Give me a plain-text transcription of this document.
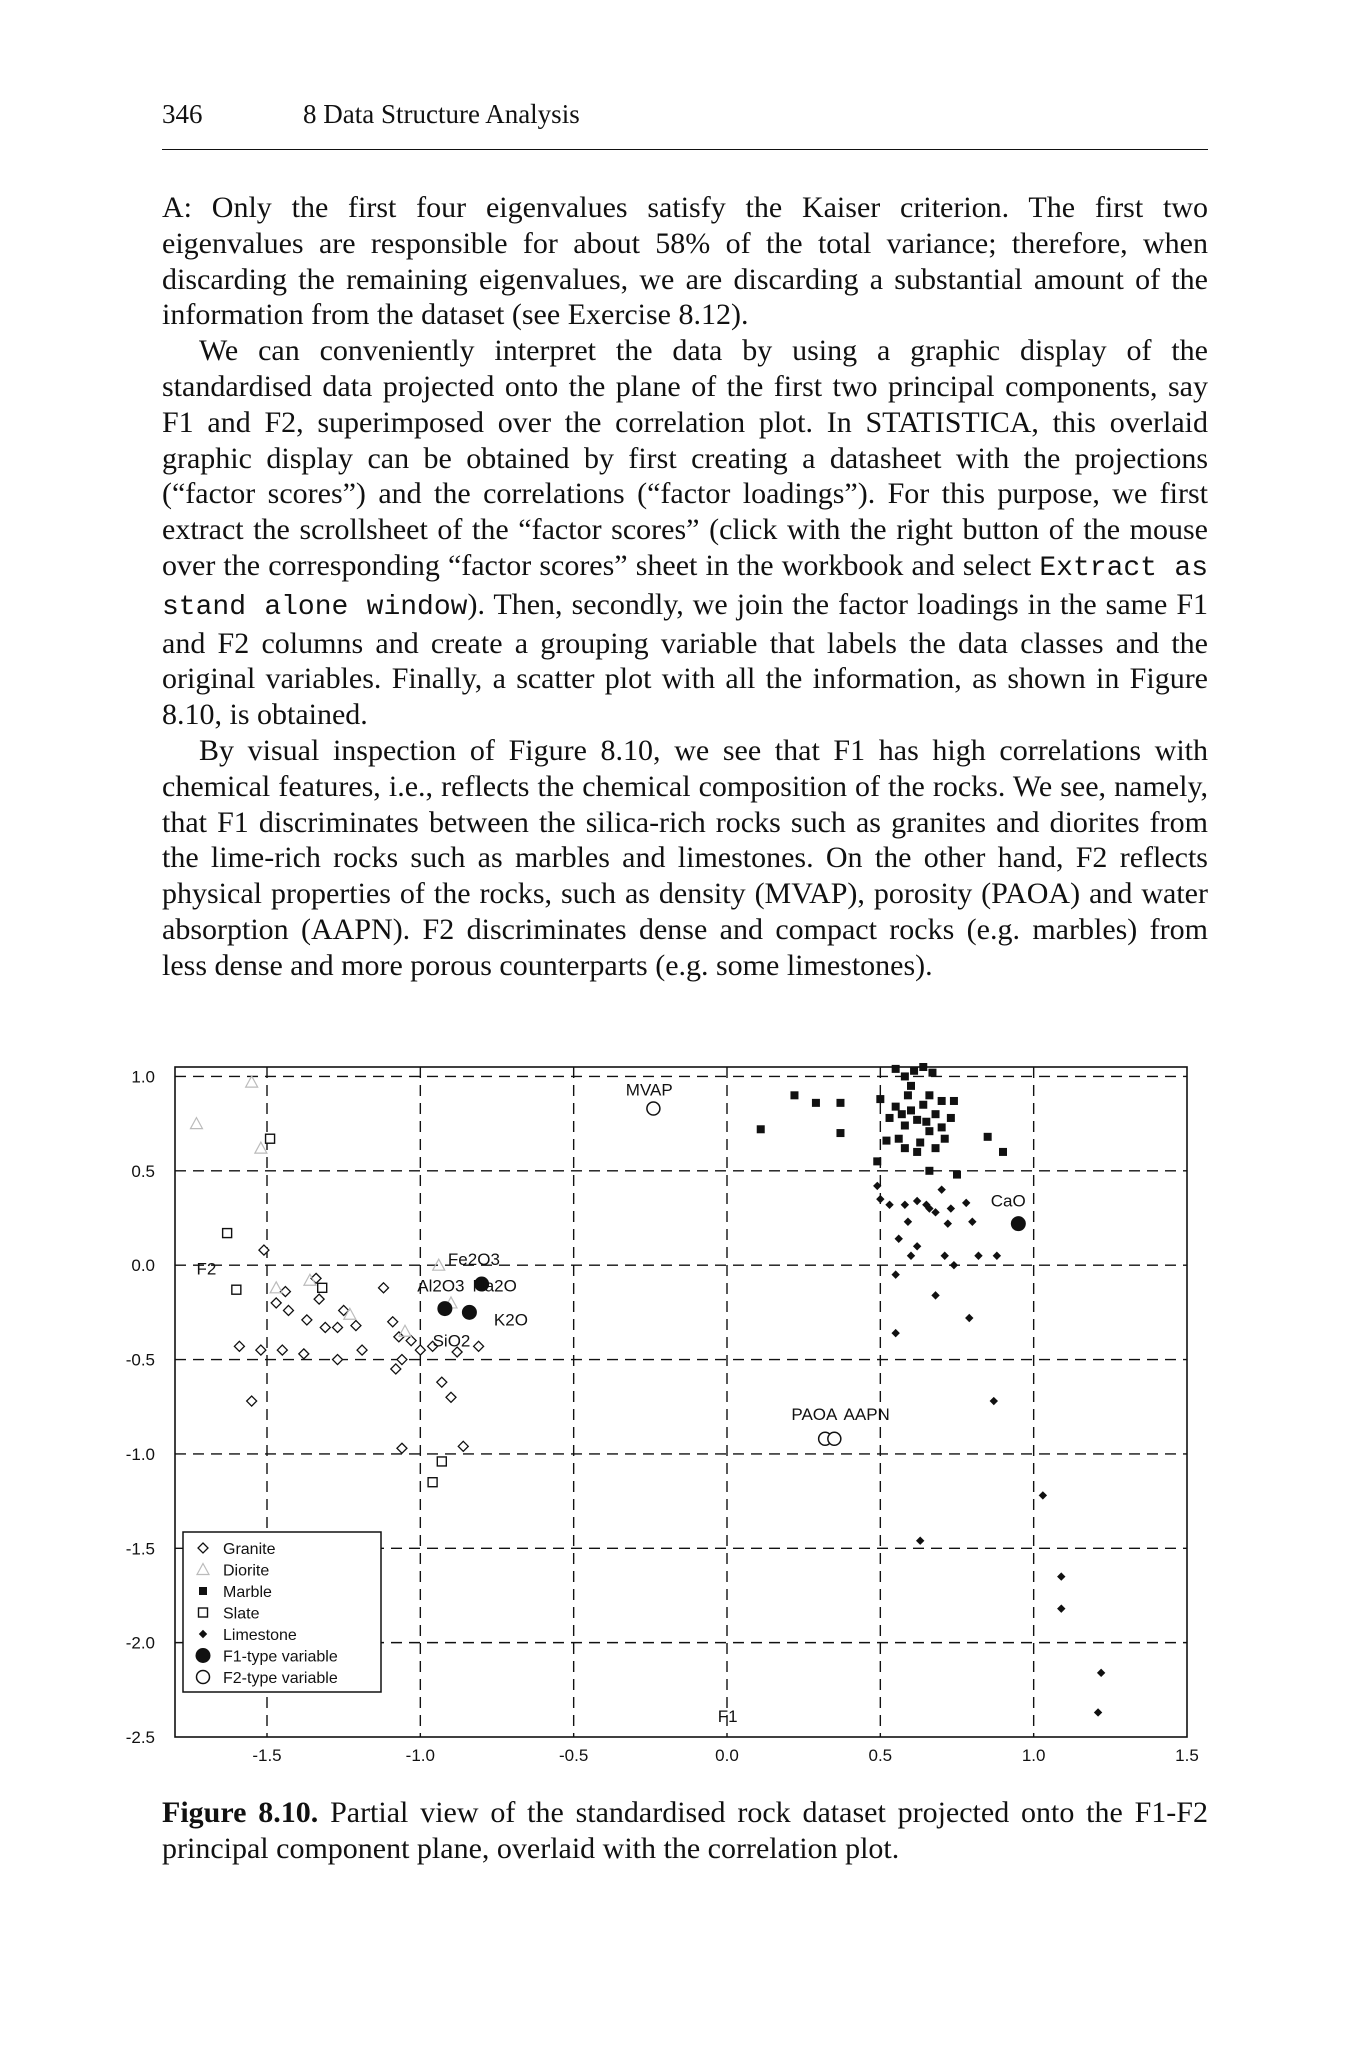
346	8 Data Structure Analysis

A: Only the first four eigenvalues satisfy the Kaiser criterion. The first two eigenvalues are responsible for about 58% of the total variance; therefore, when discarding the remaining eigenvalues, we are discarding a substantial amount of the information from the dataset (see Exercise 8.12).

We can conveniently interpret the data by using a graphic display of the standardised data projected onto the plane of the first two principal components, say F1 and F2, superimposed over the correlation plot. In STATISTICA, this overlaid graphic display can be obtained by first creating a datasheet with the projections (“factor scores”) and the correlations (“factor loadings”). For this purpose, we first extract the scrollsheet of the “factor scores” (click with the right button of the mouse over the corresponding “factor scores” sheet in the workbook and select Extract as stand alone window). Then, secondly, we join the factor loadings in the same F1 and F2 columns and create a grouping variable that labels the data classes and the original variables. Finally, a scatter plot with all the information, as shown in Figure 8.10, is obtained.

By visual inspection of Figure 8.10, we see that F1 has high correlations with chemical features, i.e., reflects the chemical composition of the rocks. We see, namely, that F1 discriminates between the silica-rich rocks such as granites and diorites from the lime-rich rocks such as marbles and limestones. On the other hand, F2 reflects physical properties of the rocks, such as density (MVAP), porosity (PAOA) and water absorption (AAPN). F2 discriminates dense and compact rocks (e.g. marbles) from less dense and more porous counterparts (e.g. some limestones).

-1.5	-1.0	-0.5	0.0	0.5	1.0	1.5
1.0
0.5
0.0
-0.5
-1.0
-1.5
-2.0
-2.5
F2
F1
MVAP
CaO
Fe2O3
Al2O3 Na2O
K2O
SiO2
PAOA AAPN
Granite
Diorite
Marble
Slate
Limestone
F1-type variable
F2-type variable
Figure 8.10. Partial view of the standardised rock dataset projected onto the F1-F2 principal component plane, overlaid with the correlation plot.
